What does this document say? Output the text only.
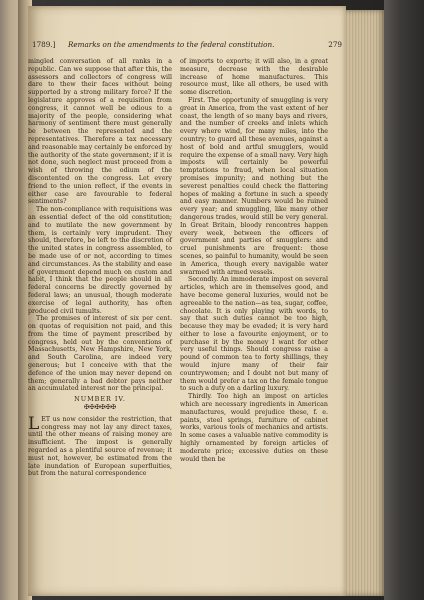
1789.] Remarks on the amendments to the federal constitution.	279

mingled conversation of all ranks in a republic. Can we suppose that after this, the assessors and collectors of congress will dare to thew their faces without being supported by a strong military force? If the legislature approves of a requisition from congress, it cannot well be odious to a majority of the people, considering what harmony of sentiment there must generally be between the represented and the representatives. Therefore a tax necessary and reasonable may certainly be enforced by the authority of the state government; if it is not done, such neglect must proceed from a wish of throwing the odium of the discontented on the congress. Let every friend to the union reflect, if the events in either case are favourable to federal sentiments?

The non-compliance with requisitions was an essential defect of the old constitution; and to mutilate the new government by them, is certainly very imprudent. They should, therefore, be left to the discretion of the united states in congress assembled, to be made use of or not, according to times and circumstances. As the stability and ease of government depend much on custom and habit, I think that the people should in all federal concerns be directly governed by federal laws; an unusual, though moderate exercise of legal authority, has often produced civil tumults.

The promises of interest of six per cent. on quotas of requisition not paid, and this from the time of payment prescribed by congress, held out by the conventions of Massachusetts, New Hampshire, New York, and South Carolina, are indeed very generous; but I conceive with that the defence of the union may never depend on them; generally a bad debtor pays neither an accumulated interest nor the principal.

NUMBER IV.
✠✠✠✠✠✠

LET us now consider the restriction, that congress may not lay any direct taxes, until the other means of raising money are insufficient. The impost is generally regarded as a plentiful source of revenue; it must not, however, be estimated from the late inundation of European superfluities, but from the natural correspondence

of imports to exports; it will also, in a great measure, decrease with the desirable increase of home manufactures. This resource must, like all others, be used with some discretion.

First. The opportunity of smuggling is very great in America, from the vast extent of her coast, the length of so many bays and rivers, and the number of creeks and inlets which every where wind, for many miles, into the country; to guard all these avenues, against a host of bold and artful smugglers, would require the expense of a small navy. Very high imposts will certainly be powerful temptations to fraud, when local situation promises impunity; and nothing but the severest penalties could check the flattering hopes of making a fortune in such a speedy and easy manner. Numbers would be ruined every year; and smuggling, like many other dangerous trades, would still be very general. In Great Britain, bloody rencontres happen every week, between the officers of government and parties of smugglers: and cruel punishments are frequent: those scenes, so painful to humanity, would be seen in America, though every navigable water swarmed with armed vessels.

Secondly. An immoderate impost on several articles, which are in themselves good, and have become general luxuries, would not be agreeable to the nation—as tea, sugar, coffee, chocolate. It is only playing with words, to say that such duties cannot be too high, because they may be evaded; it is very hard either to lose a favourite enjoyment, or to purchase it by the money I want for other very useful things. Should congress raise a pound of common tea to forty shillings, they would injure many of their fair countrywomen; and I doubt not but many of them would prefer a tax on the female tongue to such a duty on a darling luxury.

Thirdly. Too high an impost on articles which are necessary ingredients in American manufactures, would prejudice these, f. e. paints, steel springs, furniture of cabinet works, various tools of mechanics and artists. In some cases a valuable native commodity is highly ornamented by foreign articles of moderate price; excessive duties on these would then be
